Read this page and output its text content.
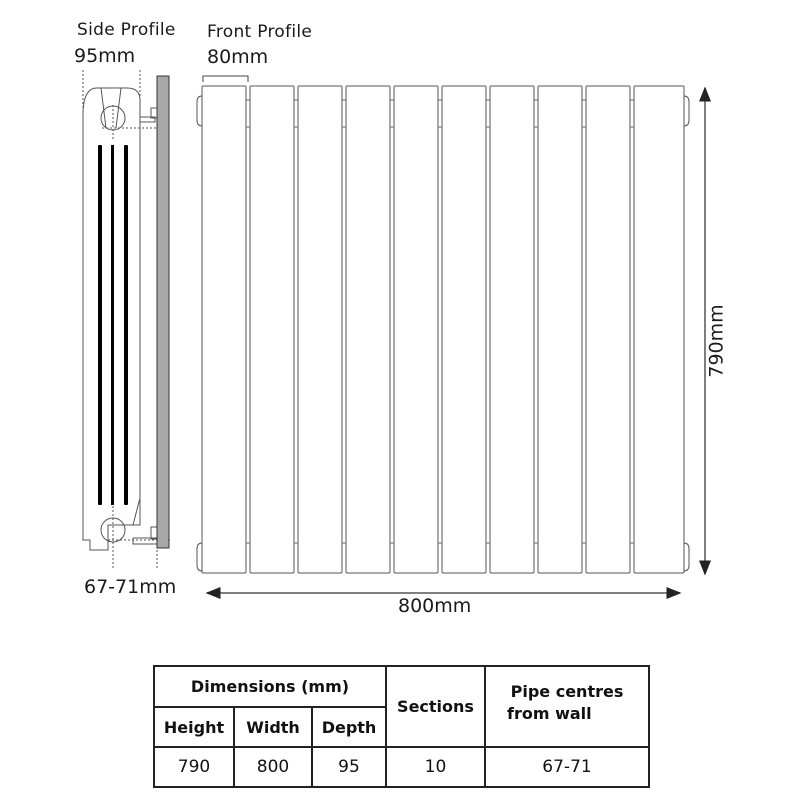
Side Profile Front Profile
95mm	80mm
67-71mm
800mm
790mm
Dimensions (mm)			Sections	Pipe centres
from wall

Height	Width	Depth		
790	800	95	10	67-71
